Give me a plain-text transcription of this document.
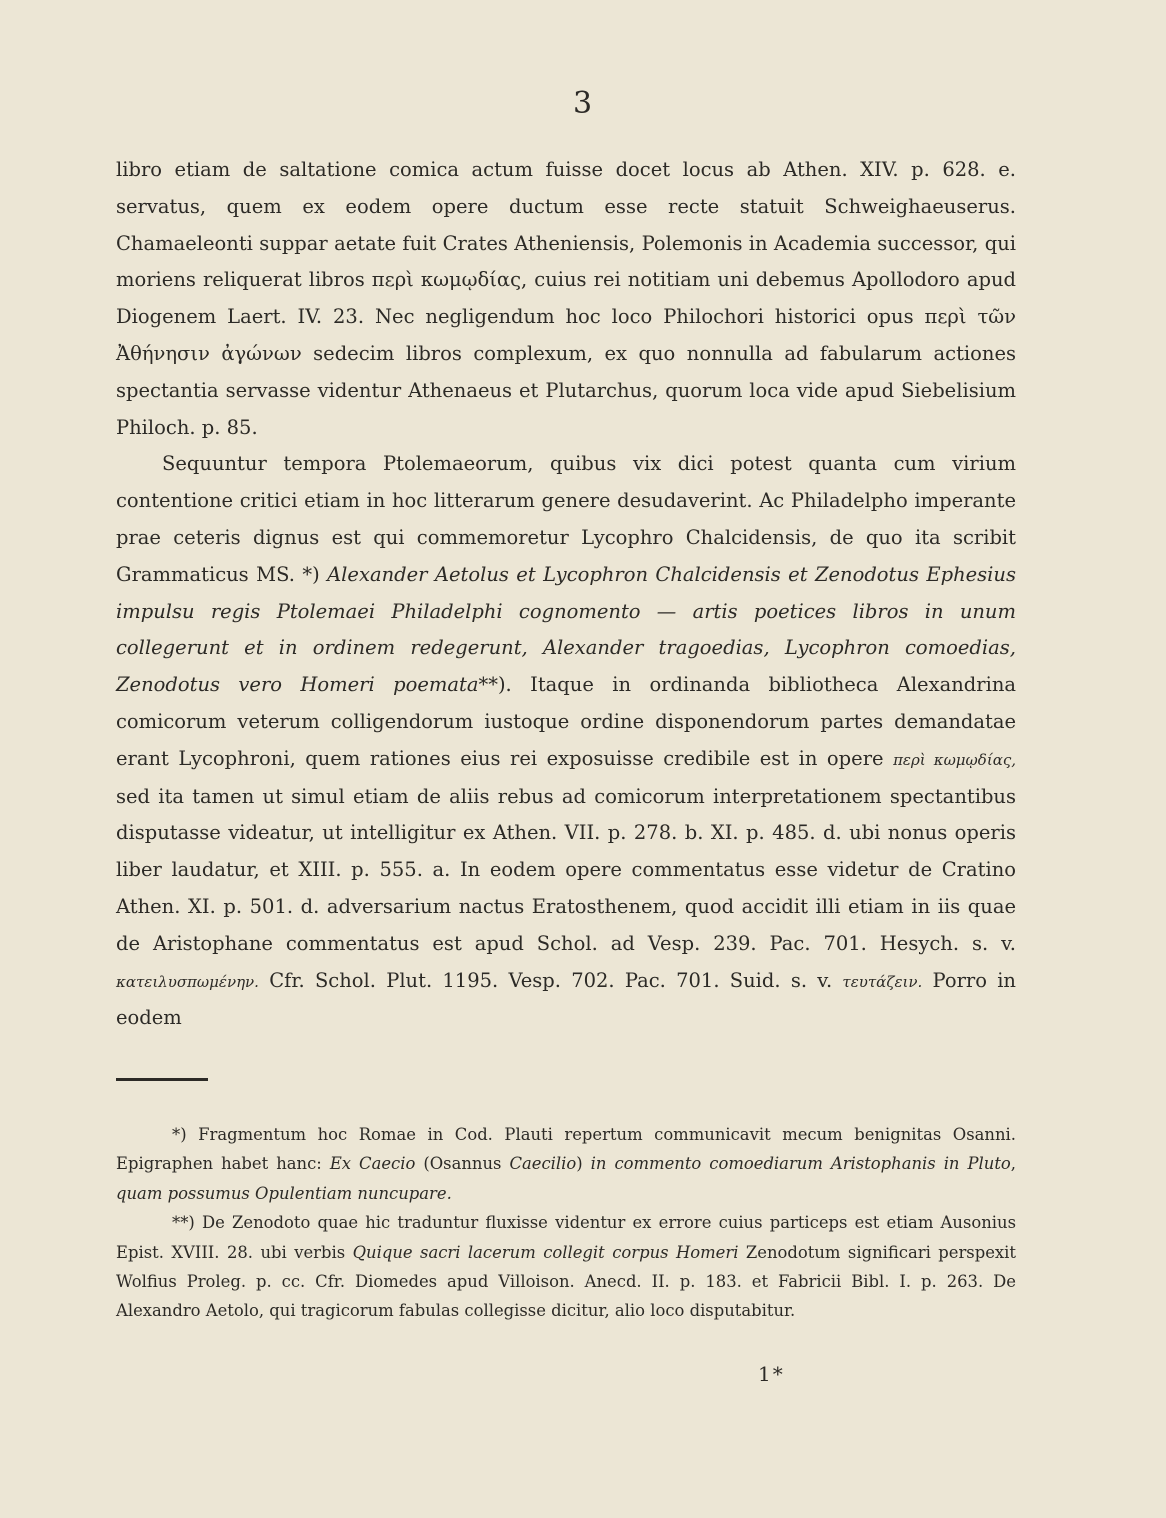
3

libro etiam de saltatione comica actum fuisse docet locus ab Athen. XIV. p. 628. e. servatus, quem ex eodem opere ductum esse recte statuit Schweighaeuserus. Chamaeleonti suppar aetate fuit Crates Atheniensis, Polemonis in Academia successor, qui moriens reliquerat libros περὶ κωμῳδίας, cuius rei notitiam uni debemus Apollodoro apud Diogenem Laert. IV. 23. Nec negligendum hoc loco Philochori historici opus περὶ τῶν Ἀθήνησιν ἀγώνων sedecim libros complexum, ex quo nonnulla ad fabularum actiones spectantia servasse videntur Athenaeus et Plutarchus, quorum loca vide apud Siebelisium Philoch. p. 85.

Sequuntur tempora Ptolemaeorum, quibus vix dici potest quanta cum virium contentione critici etiam in hoc litterarum genere desudaverint. Ac Philadelpho imperante prae ceteris dignus est qui commemoretur Lycophro Chalcidensis, de quo ita scribit Grammaticus MS. *) Alexander Aetolus et Lycophron Chalcidensis et Zenodotus Ephesius impulsu regis Ptolemaei Philadelphi cognomento — artis poetices libros in unum collegerunt et in ordinem redegerunt, Alexander tragoedias, Lycophron comoedias, Zenodotus vero Homeri poemata**). Itaque in ordinanda bibliotheca Alexandrina comicorum veterum colligendorum iustoque ordine disponendorum partes demandatae erant Lycophroni, quem rationes eius rei exposuisse credibile est in opere περὶ κωμῳδίας, sed ita tamen ut simul etiam de aliis rebus ad comicorum interpretationem spectantibus disputasse videatur, ut intelligitur ex Athen. VII. p. 278. b. XI. p. 485. d. ubi nonus operis liber laudatur, et XIII. p. 555. a. In eodem opere commentatus esse videtur de Cratino Athen. XI. p. 501. d. adversarium nactus Eratosthenem, quod accidit illi etiam in iis quae de Aristophane commentatus est apud Schol. ad Vesp. 239. Pac. 701. Hesych. s. v. κατειλυσπωμένην. Cfr. Schol. Plut. 1195. Vesp. 702. Pac. 701. Suid. s. v. τευτάζειν. Porro in eodem

*) Fragmentum hoc Romae in Cod. Plauti repertum communicavit mecum benignitas Osanni. Epigraphen habet hanc: Ex Caecio (Osannus Caecilio) in commento comoediarum Aristophanis in Pluto, quam possumus Opulentiam nuncupare.

**) De Zenodoto quae hic traduntur fluxisse videntur ex errore cuius particeps est etiam Ausonius Epist. XVIII. 28. ubi verbis Quique sacri lacerum collegit corpus Homeri Zenodotum significari perspexit Wolfius Proleg. p. cc. Cfr. Diomedes apud Villoison. Anecd. II. p. 183. et Fabricii Bibl. I. p. 263. De Alexandro Aetolo, qui tragicorum fabulas collegisse dicitur, alio loco disputabitur.

1*
